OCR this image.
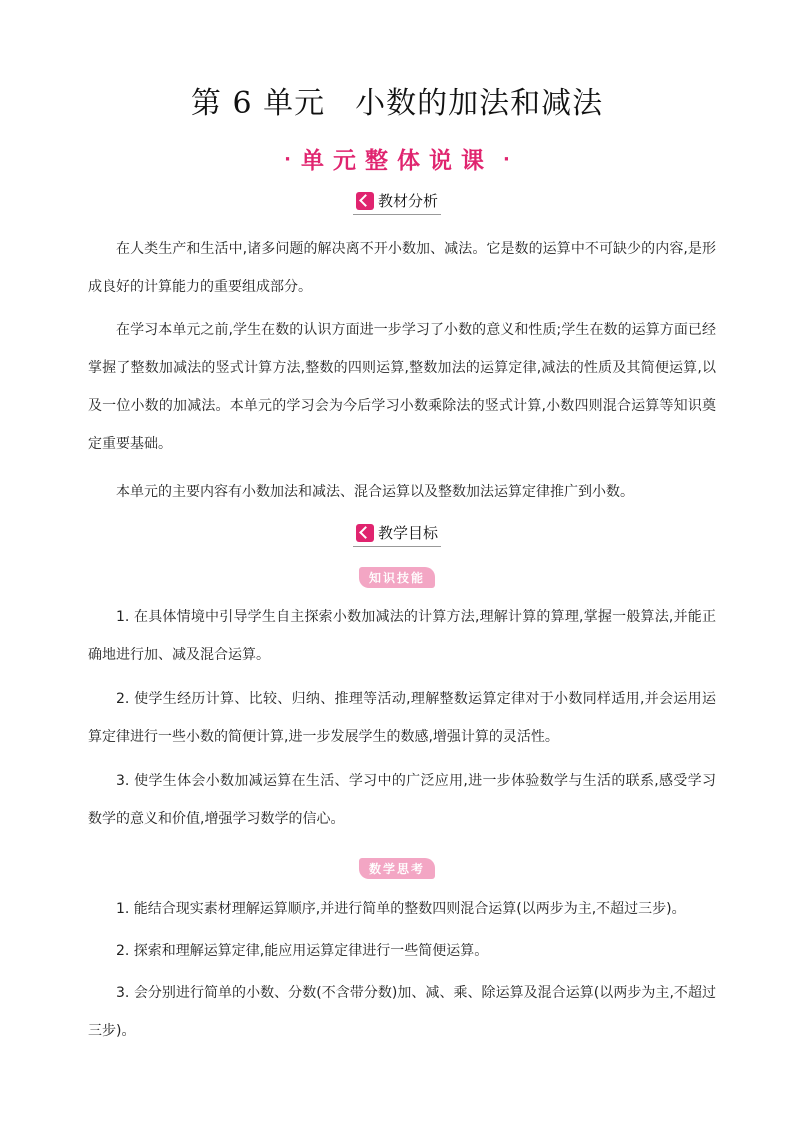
第 6 单元 小数的加法和减法
· 单元整体说课 ·
教材分析

在人类生产和生活中,诸多问题的解决离不开小数加、减法。它是数的运算中不可缺少的内容,是形成良好的计算能力的重要组成部分。

在学习本单元之前,学生在数的认识方面进一步学习了小数的意义和性质;学生在数的运算方面已经掌握了整数加减法的竖式计算方法,整数的四则运算,整数加法的运算定律,减法的性质及其简便运算,以及一位小数的加减法。本单元的学习会为今后学习小数乘除法的竖式计算,小数四则混合运算等知识奠定重要基础。

本单元的主要内容有小数加法和减法、混合运算以及整数加法运算定律推广到小数。

教学目标
知识技能

1. 在具体情境中引导学生自主探索小数加减法的计算方法,理解计算的算理,掌握一般算法,并能正确地进行加、减及混合运算。

2. 使学生经历计算、比较、归纳、推理等活动,理解整数运算定律对于小数同样适用,并会运用运算定律进行一些小数的简便计算,进一步发展学生的数感,增强计算的灵活性。

3. 使学生体会小数加减运算在生活、学习中的广泛应用,进一步体验数学与生活的联系,感受学习数学的意义和价值,增强学习数学的信心。

数学思考

1. 能结合现实素材理解运算顺序,并进行简单的整数四则混合运算(以两步为主,不超过三步)。

2. 探索和理解运算定律,能应用运算定律进行一些简便运算。

3. 会分别进行简单的小数、分数(不含带分数)加、减、乘、除运算及混合运算(以两步为主,不超过三步)。
